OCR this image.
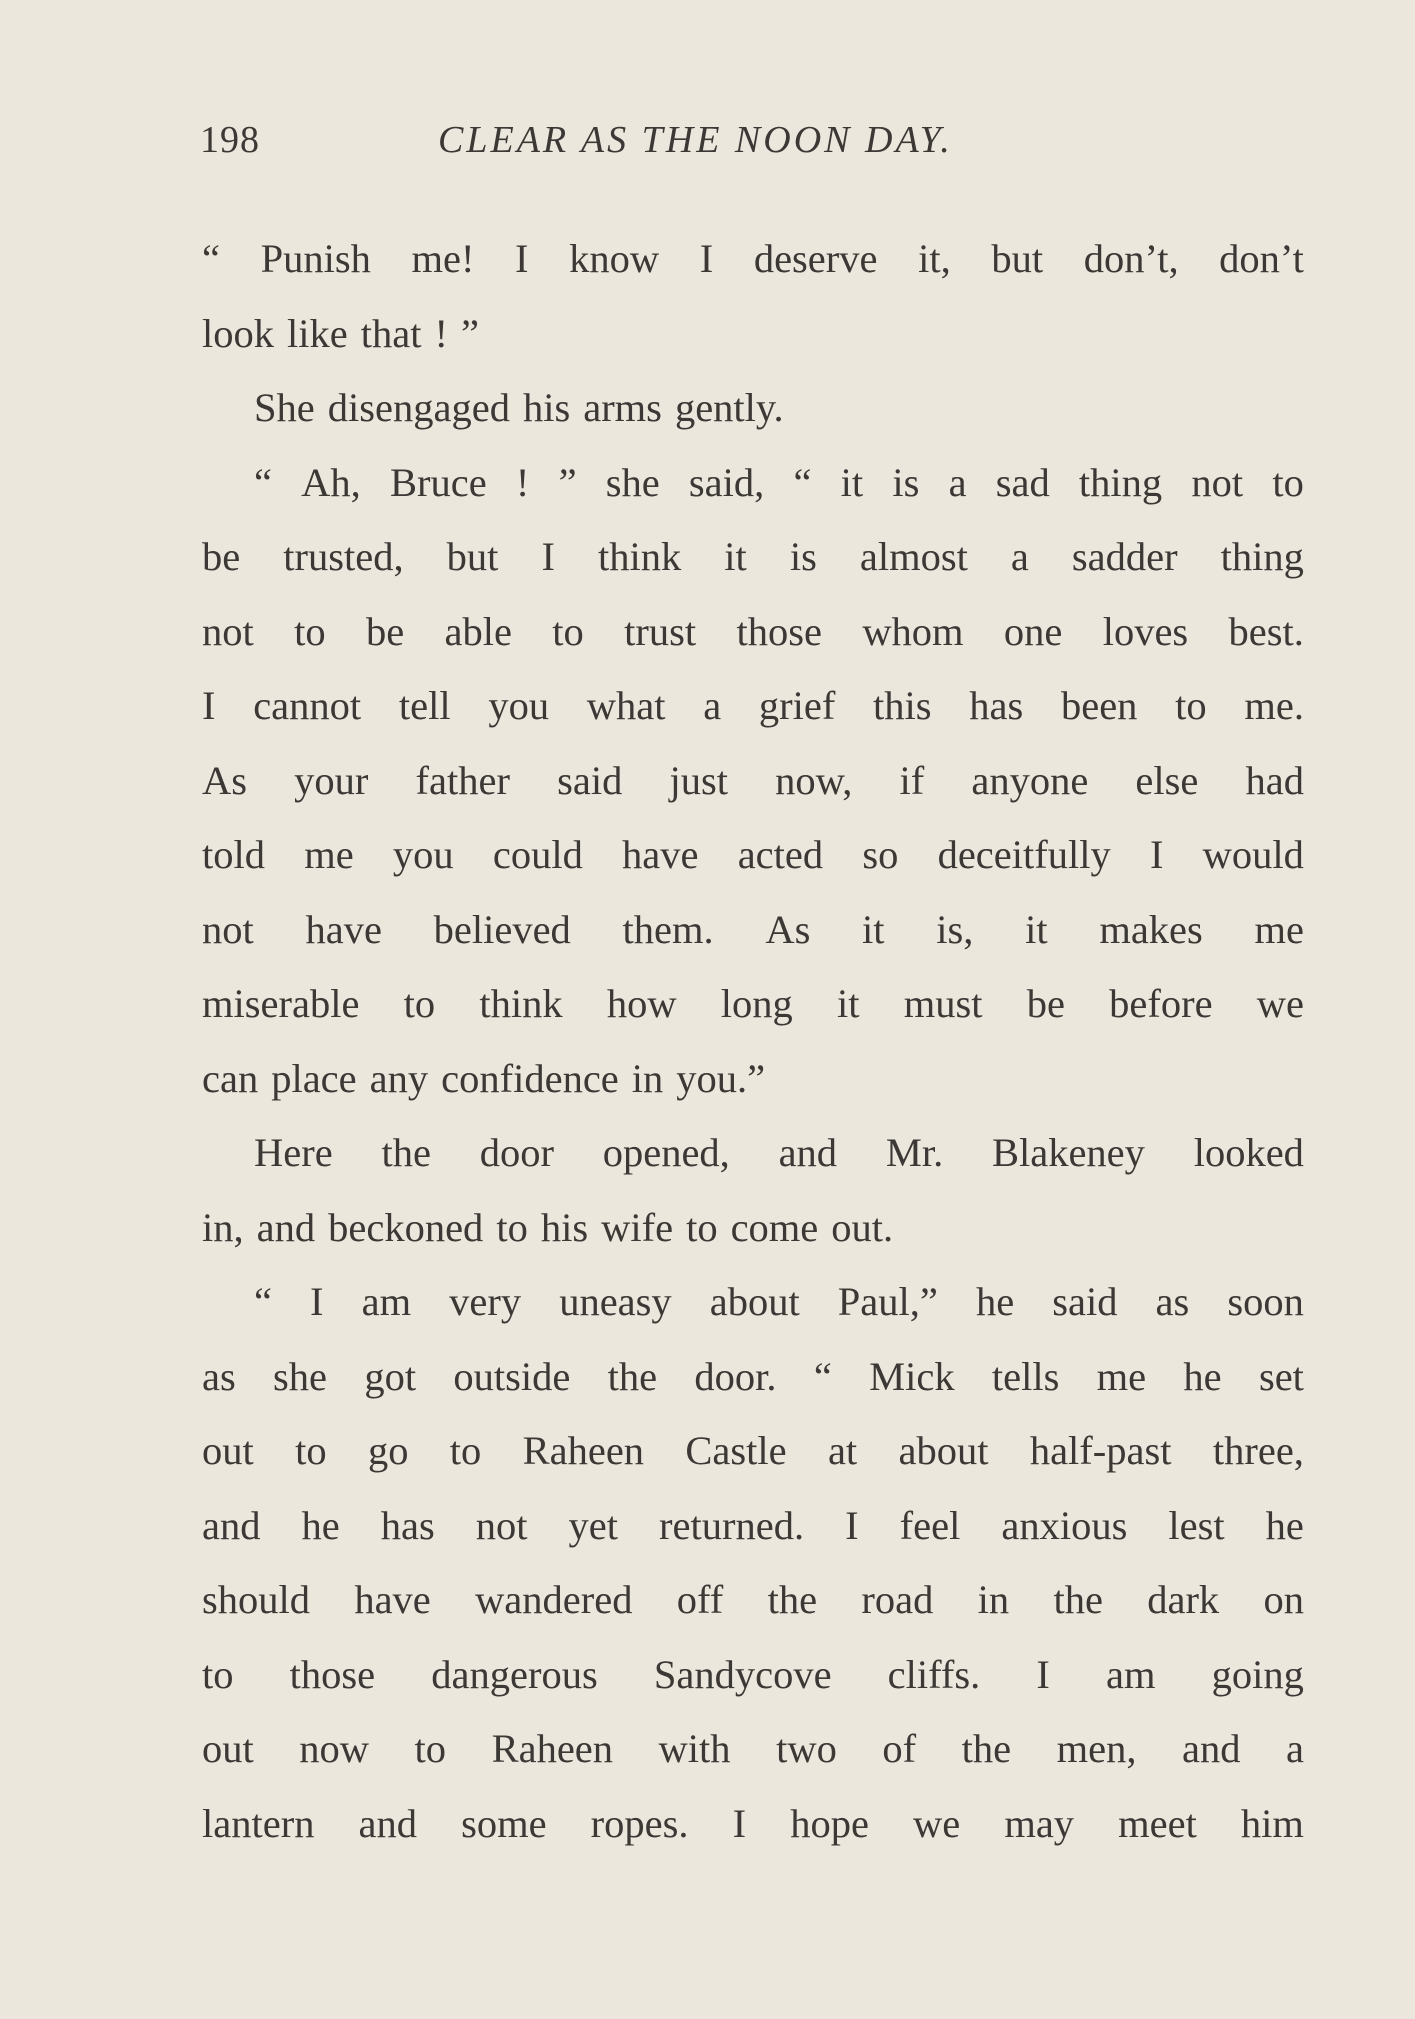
198	CLEAR AS THE NOON DAY.
“ Punish me! I know I deserve it, but don’t, don’t
look like that ! ”
She disengaged his arms gently.
“ Ah, Bruce ! ” she said, “ it is a sad thing not to
be trusted, but I think it is almost a sadder thing
not to be able to trust those whom one loves best.
I cannot tell you what a grief this has been to me.
As your father said just now, if anyone else had
told me you could have acted so deceitfully I would
not have believed them. As it is, it makes me
miserable to think how long it must be before we
can place any confidence in you.”
Here the door opened, and Mr. Blakeney looked
in, and beckoned to his wife to come out.
“ I am very uneasy about Paul,” he said as soon
as she got outside the door. “ Mick tells me he set
out to go to Raheen Castle at about half-past three,
and he has not yet returned. I feel anxious lest he
should have wandered off the road in the dark on
to those dangerous Sandycove cliffs. I am going
out now to Raheen with two of the men, and a
lantern and some ropes. I hope we may meet him
